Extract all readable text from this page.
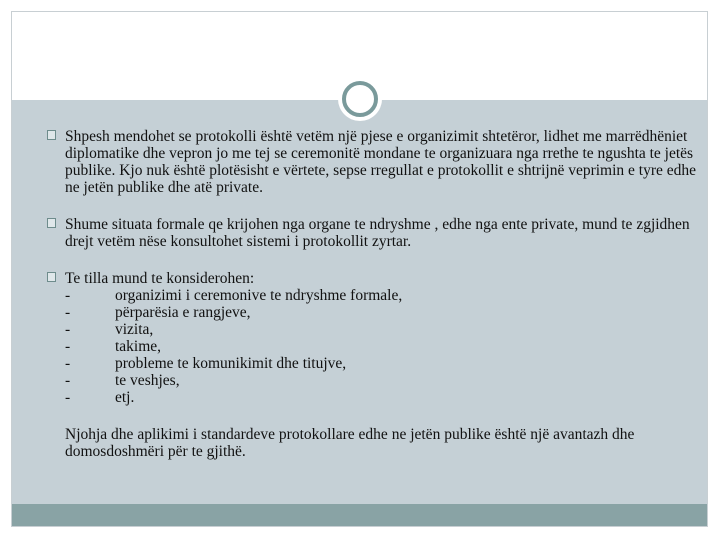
Shpesh mendohet se protokolli është vetëm një pjese e organizimit shtetëror, lidhet me marrëdhëniet diplomatike dhe vepron jo me tej se ceremonitë mondane te organizuara nga rrethe te ngushta te jetës publike. Kjo nuk është plotësisht e vërtete, sepse rregullat e protokollit e shtrijnë veprimin e tyre edhe ne jetën publike dhe atë private.
Shume situata formale qe krijohen nga organe te ndryshme , edhe nga ente private, mund te zgjidhen drejt vetëm nëse konsultohet sistemi i protokollit zyrtar.
Te tilla mund te konsiderohen:
-	organizimi i ceremonive te ndryshme formale,
-	përparësia e rangjeve,
-	vizita,
-	takime,
-	probleme te komunikimit dhe titujve,
-	te veshjes,
-	etj.
Njohja dhe aplikimi i standardeve protokollare edhe ne jetën publike është një avantazh dhe domosdoshmëri për te gjithë.
